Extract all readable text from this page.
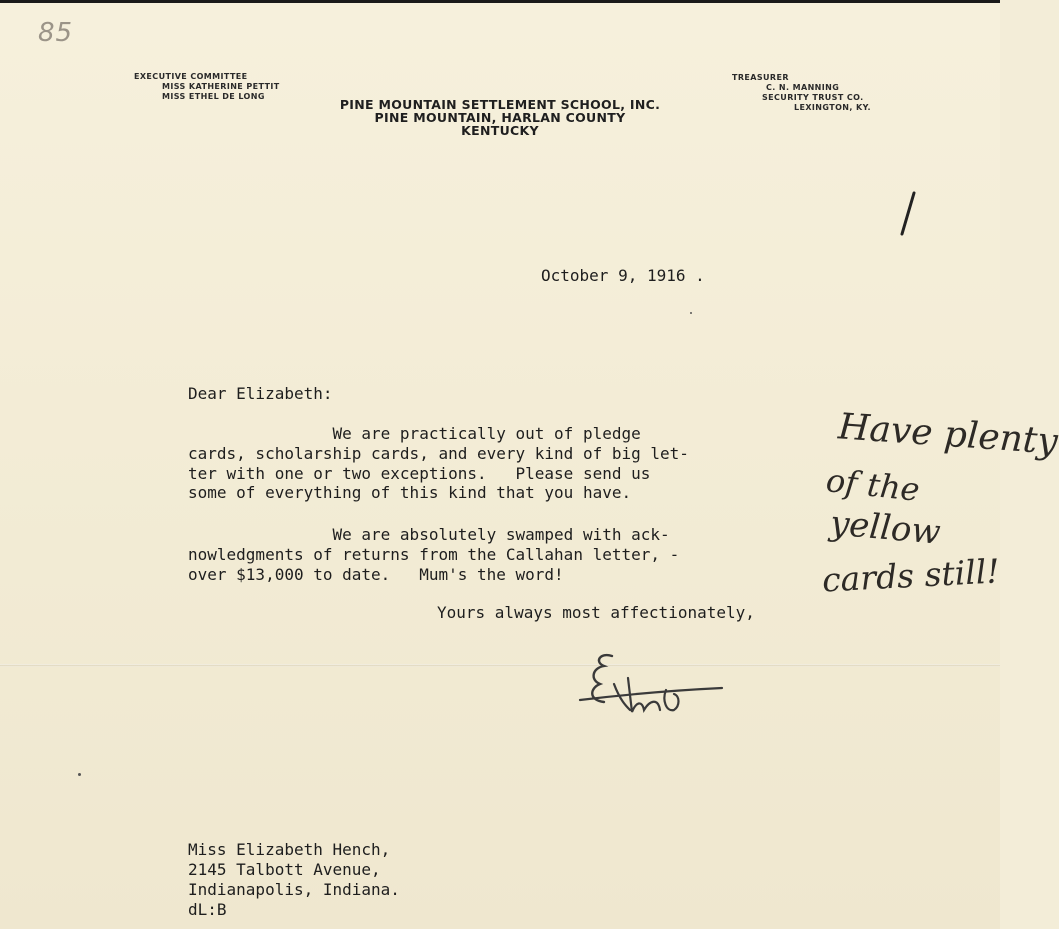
85
EXECUTIVE COMMITTEE
MISS KATHERINE PETTIT
MISS ETHEL DE LONG
PINE MOUNTAIN SETTLEMENT SCHOOL, INC.
PINE MOUNTAIN, HARLAN COUNTY
KENTUCKY
TREASURER
C. N. MANNING
SECURITY TRUST CO.
LEXINGTON, KY.
October 9, 1916 .
Dear Elizabeth:
We are practically out of pledge
cards, scholarship cards, and every kind of big let-
ter with one or two exceptions.   Please send us
some of everything of this kind that you have.
We are absolutely swamped with ack-
nowledgments of returns from the Callahan letter, -
over $13,000 to date.   Mum's the word!
Yours always most affectionately,
Have plenty
of the
yellow
cards still!
Miss Elizabeth Hench,
2145 Talbott Avenue,
Indianapolis, Indiana.
dL:B
